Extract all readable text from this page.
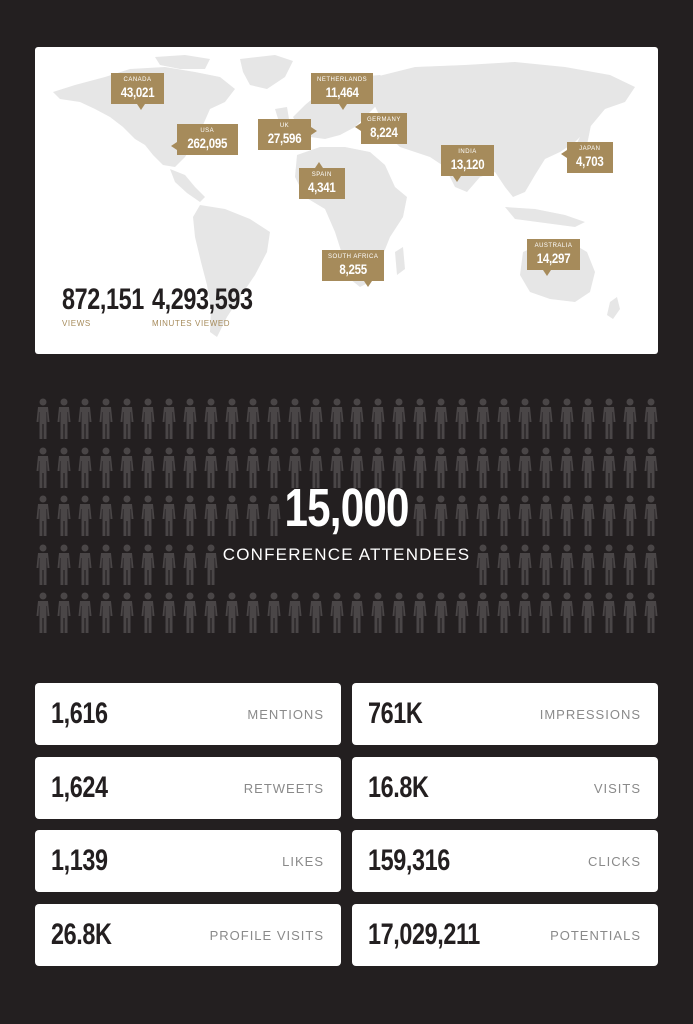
CANADA
43,021
USA
262,095
UK
27,596
NETHERLANDS
11,464
GERMANY
8,224
SPAIN
4,341
INDIA
13,120
JAPAN
4,703
SOUTH AFRICA
8,255
AUSTRALIA
14,297
872,151
VIEWS
4,293,593
MINUTES VIEWED
15,000
CONFERENCE ATTENDEES
1,616	MENTIONS 761K	IMPRESSIONS
1,624	RETWEETS 16.8K	VISITS
1,139	LIKES 159,316	CLICKS
26.8K	PROFILE VISITS 17,029,211	POTENTIALS
